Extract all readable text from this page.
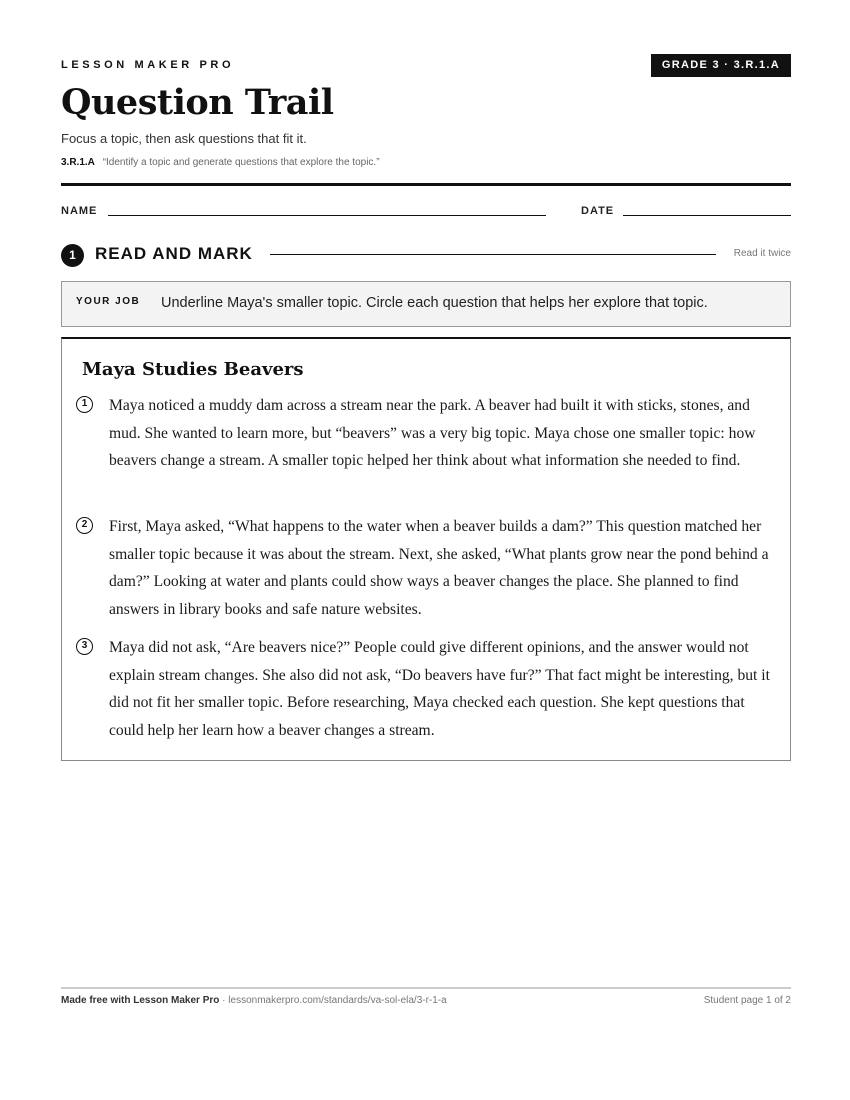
LESSON MAKER PRO	GRADE 3 · 3.R.1.A
Question Trail
Focus a topic, then ask questions that fit it.
3.R.1.A “Identify a topic and generate questions that explore the topic.”
NAME	DATE
1	READ AND MARK	Read it twice
YOUR JOB Underline Maya's smaller topic. Circle each question that helps her explore that topic.
Maya Studies Beavers
1	Maya noticed a muddy dam across a stream near the park. A beaver had built it with sticks, stones, and mud. She wanted to learn more, but “beavers” was a very big topic. Maya chose one smaller topic: how beavers change a stream. A smaller topic helped her think about what information she needed to find.

2	First, Maya asked, “What happens to the water when a beaver builds a dam?” This question matched her smaller topic because it was about the stream. Next, she asked, “What plants grow near the pond behind a dam?” Looking at water and plants could show ways a beaver changes the place. She planned to find answers in library books and safe nature websites.

3	Maya did not ask, “Are beavers nice?” People could give different opinions, and the answer would not explain stream changes. She also did not ask, “Do beavers have fur?” That fact might be interesting, but it did not fit her smaller topic. Before researching, Maya checked each question. She kept questions that could help her learn how a beaver changes a stream.

Made free with Lesson Maker Pro · lessonmakerpro.com/standards/va-sol-ela/3-r-1-a	Student page 1 of 2
